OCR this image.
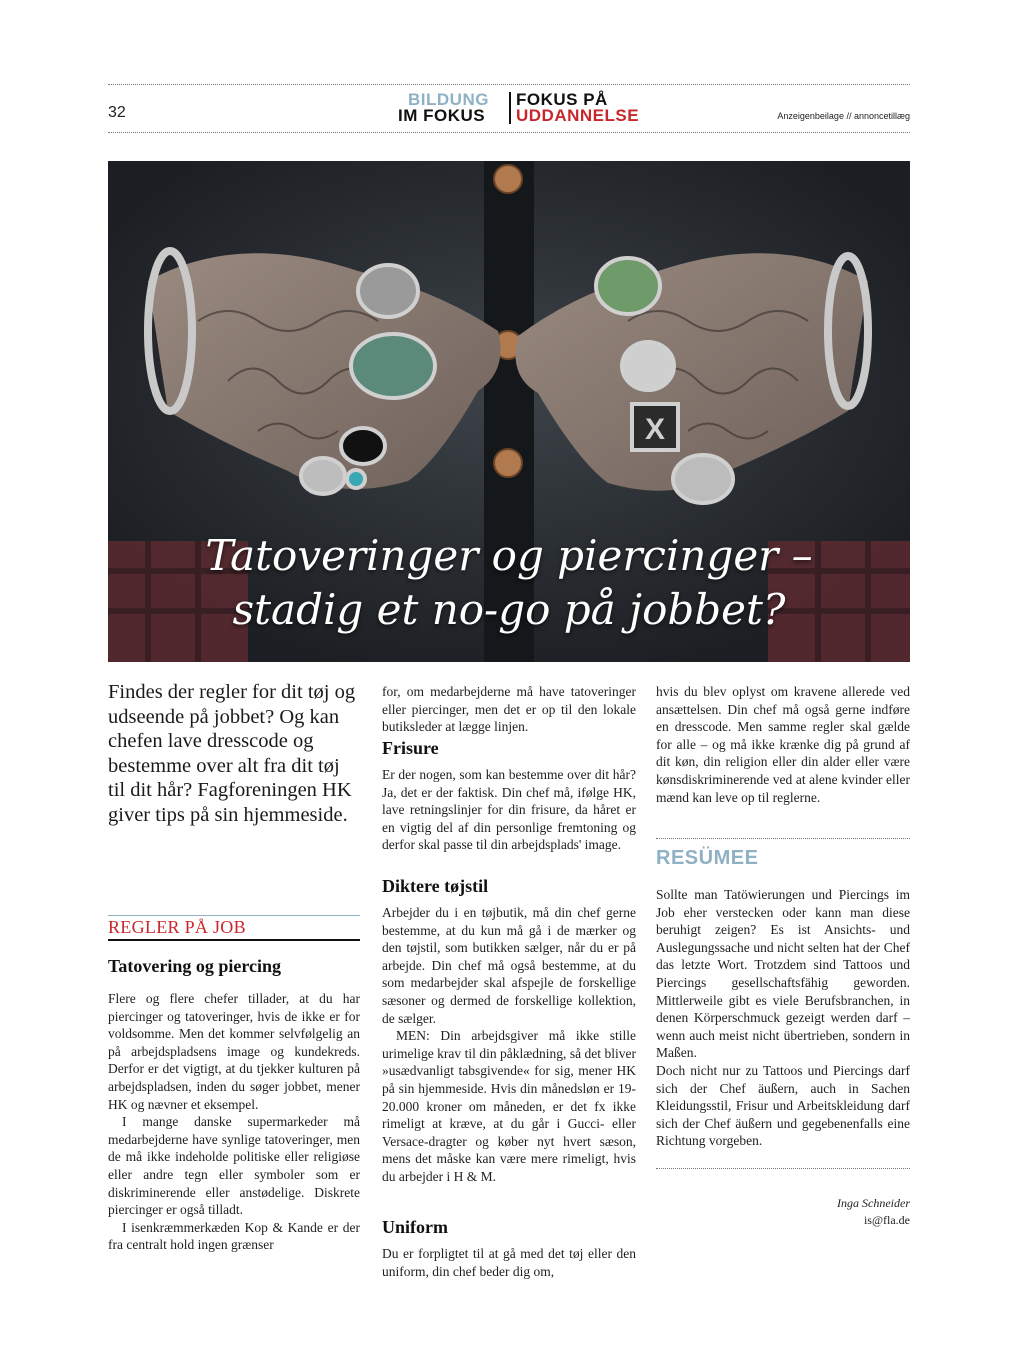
32
BILDUNG
IM FOKUS
FOKUS PÅ
UDDANNELSE	Anzeigenbeilage // annoncetillæg
X
Tatoveringer og piercinger –
stadig et no-go på jobbet?
Findes der regler for dit tøj og udseende på jobbet? Og kan chefen lave dresscode og bestemme over alt fra dit tøj til dit hår? Fagforeningen HK giver tips på sin hjemmeside.
REGLER PÅ JOB
Tatovering og piercing

Flere og flere chefer tillader, at du har piercinger og tatoveringer, hvis de ikke er for voldsomme. Men det kommer selvfølgelig an på arbejdspladsens image og kundekreds. Derfor er det vigtigt, at du tjekker kulturen på arbejdspladsen, inden du søger jobbet, mener HK og nævner et eksempel.

I mange danske supermarkeder må medarbejderne have synlige tatoveringer, men de må ikke indeholde politiske eller religiøse eller andre tegn eller symboler som er diskriminerende eller anstødelige. Diskrete piercinger er også tilladt.

I isenkræmmerkæden Kop & Kande er der fra centralt hold ingen grænser

for, om medarbejderne må have tatoveringer eller piercinger, men det er op til den lokale butiksleder at lægge linjen.

Frisure

Er der nogen, som kan bestemme over dit hår? Ja, det er der faktisk. Din chef må, ifølge HK, lave retningslinjer for din frisure, da håret er en vigtig del af din personlige fremtoning og derfor skal passe til din arbejdsplads' image.

Diktere tøjstil

Arbejder du i en tøjbutik, må din chef gerne bestemme, at du kun må gå i de mærker og den tøjstil, som butikken sælger, når du er på arbejde. Din chef må også bestemme, at du som medarbejder skal afspejle de forskellige sæsoner og dermed de forskellige kollektion, de sælger.

MEN: Din arbejdsgiver må ikke stille urimelige krav til din påklædning, så det bliver »usædvanligt tabsgivende« for sig, mener HK på sin hjemmeside. Hvis din månedsløn er 19-20.000 kroner om måneden, er det fx ikke rimeligt at kræve, at du går i Gucci- eller Versace-dragter og køber nyt hvert sæson, mens det måske kan være mere rimeligt, hvis du arbejder i H & M.

Uniform

Du er forpligtet til at gå med det tøj eller den uniform, din chef beder dig om,

hvis du blev oplyst om kravene allerede ved ansættelsen. Din chef må også gerne indføre en dresscode. Men samme regler skal gælde for alle – og må ikke krænke dig på grund af dit køn, din religion eller din alder eller være kønsdiskriminerende ved at alene kvinder eller mænd kan leve op til reglerne.

RESÜMEE

Sollte man Tatöwierungen und Piercings im Job eher verstecken oder kann man diese beruhigt zeigen? Es ist Ansichts- und Auslegungssache und nicht selten hat der Chef das letzte Wort. Trotzdem sind Tattoos und Piercings gesellschaftsfähig geworden. Mittlerweile gibt es viele Berufsbranchen, in denen Körperschmuck gezeigt werden darf – wenn auch meist nicht übertrieben, sondern in Maßen.

Doch nicht nur zu Tattoos und Piercings darf sich der Chef äußern, auch in Sachen Kleidungsstil, Frisur und Arbeitskleidung darf sich der Chef äußern und gegebenenfalls eine Richtung vorgeben.

Inga Schneider
is@fla.de
